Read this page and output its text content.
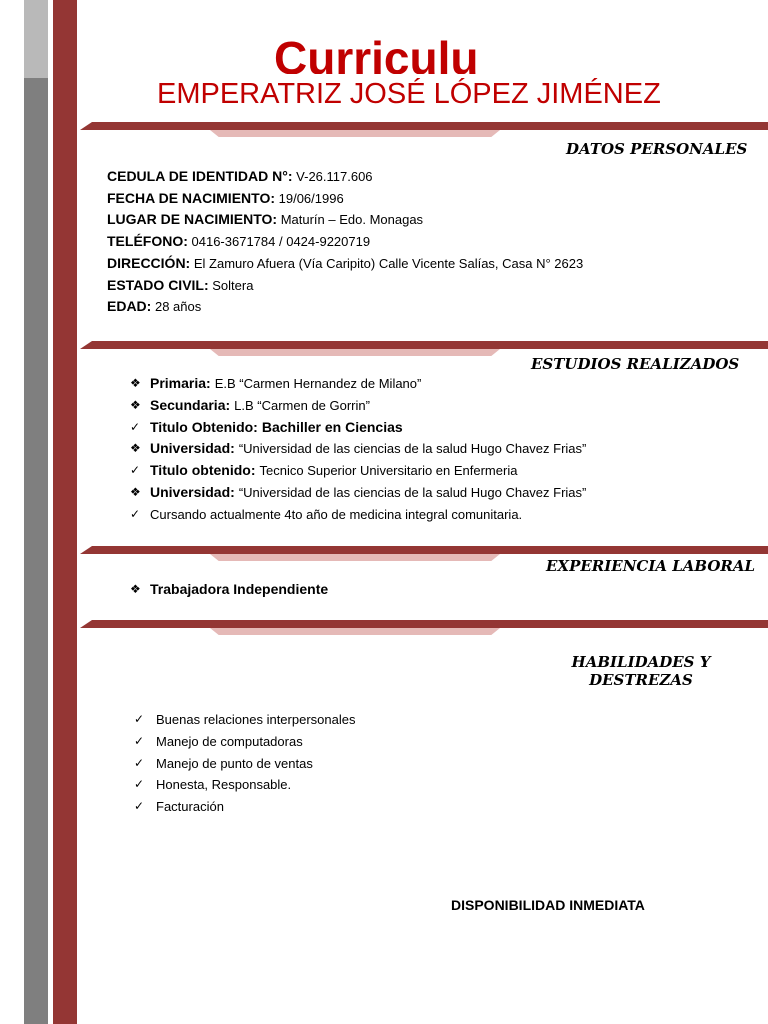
Curriculu
EMPERATRIZ JOSÉ LÓPEZ JIMÉNEZ
DATOS PERSONALES
CEDULA DE IDENTIDAD N°: V-26.117.606
FECHA DE NACIMIENTO: 19/06/1996
LUGAR DE NACIMIENTO: Maturín – Edo. Monagas
TELÉFONO: 0416-3671784 / 0424-9220719
DIRECCIÓN: El Zamuro Afuera (Vía Caripito) Calle Vicente Salías, Casa N° 2623
ESTADO CIVIL: Soltera
EDAD: 28 años
ESTUDIOS REALIZADOS
❖ Primaria: E.B “Carmen Hernandez de Milano”
❖ Secundaria: L.B “Carmen de Gorrin”
✓ Titulo Obtenido: Bachiller en Ciencias
❖ Universidad: “Universidad de las ciencias de la salud Hugo Chavez Frias”
✓ Titulo obtenido: Tecnico Superior Universitario en Enfermeria
❖ Universidad: “Universidad de las ciencias de la salud Hugo Chavez Frias”
✓ Cursando actualmente 4to año de medicina integral comunitaria.
EXPERIENCIA LABORAL
❖ Trabajadora Independiente
HABILIDADES Y
DESTREZAS
✓ Buenas relaciones interpersonales
✓ Manejo de computadoras
✓ Manejo de punto de ventas
✓ Honesta, Responsable.
✓ Facturación
DISPONIBILIDAD INMEDIATA
